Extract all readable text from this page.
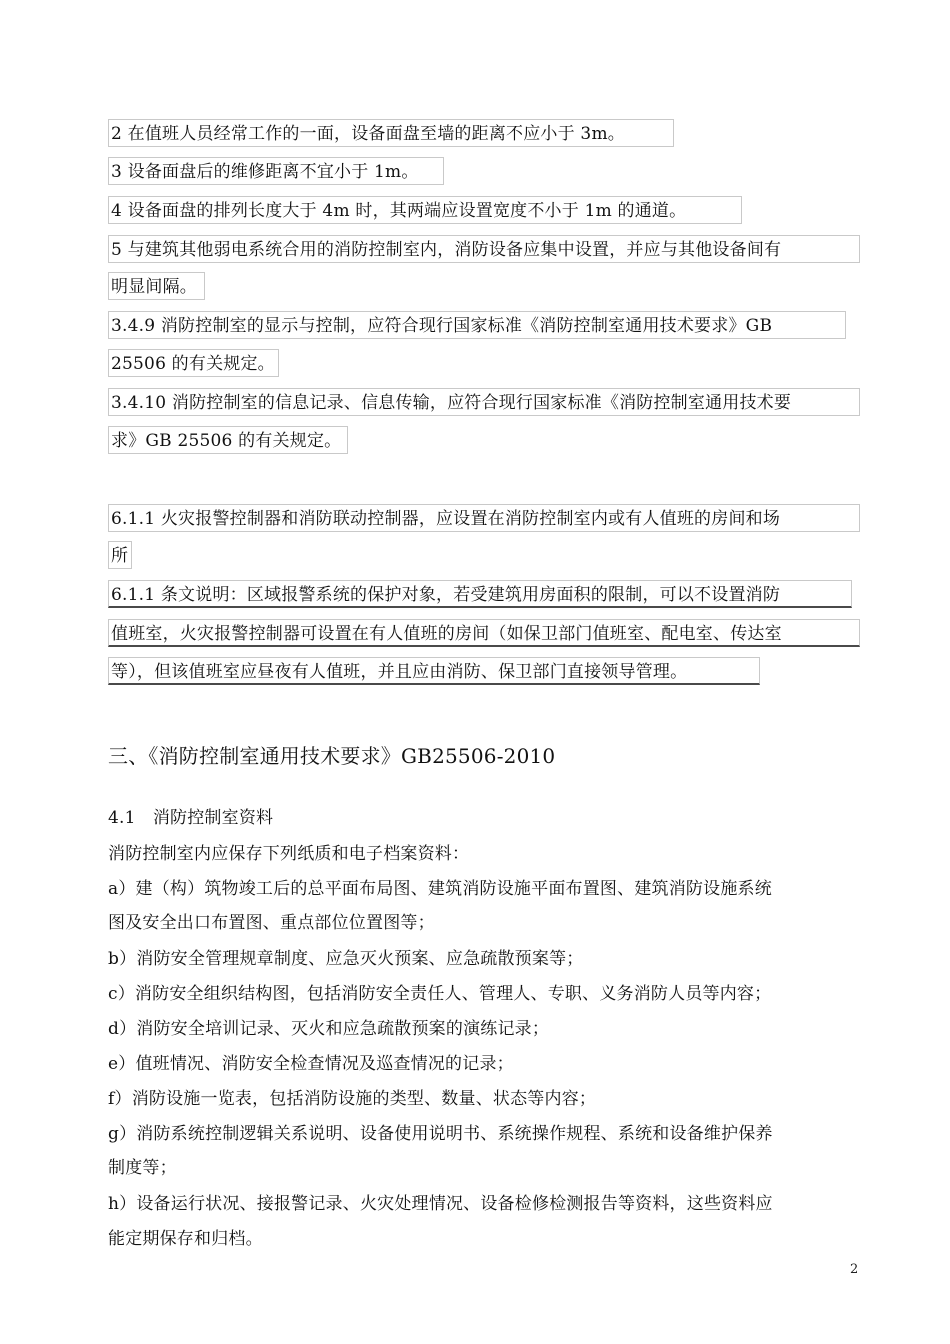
2 在值班人员经常工作的一面，设备面盘至墙的距离不应小于 3m。
3 设备面盘后的维修距离不宜小于 1m。
4 设备面盘的排列长度大于 4m 时，其两端应设置宽度不小于 1m 的通道。
5 与建筑其他弱电系统合用的消防控制室内，消防设备应集中设置，并应与其他设备间有
明显间隔。
3.4.9 消防控制室的显示与控制，应符合现行国家标准《消防控制室通用技术要求》GB
25506 的有关规定。
3.4.10 消防控制室的信息记录、信息传输，应符合现行国家标准《消防控制室通用技术要
求》GB 25506 的有关规定。
6.1.1 火灾报警控制器和消防联动控制器，应设置在消防控制室内或有人值班的房间和场
所
6.1.1 条文说明：区域报警系统的保护对象，若受建筑用房面积的限制，可以不设置消防
值班室，火灾报警控制器可设置在有人值班的房间（如保卫部门值班室、配电室、传达室
等），但该值班室应昼夜有人值班，并且应由消防、保卫部门直接领导管理。
三、《消防控制室通用技术要求》GB25506-2010
4.1　消防控制室资料
消防控制室内应保存下列纸质和电子档案资料：
a）建（构）筑物竣工后的总平面布局图、建筑消防设施平面布置图、建筑消防设施系统
图及安全出口布置图、重点部位位置图等；
b）消防安全管理规章制度、应急灭火预案、应急疏散预案等；
c）消防安全组织结构图，包括消防安全责任人、管理人、专职、义务消防人员等内容；
d）消防安全培训记录、灭火和应急疏散预案的演练记录；
e）值班情况、消防安全检查情况及巡查情况的记录；
f）消防设施一览表，包括消防设施的类型、数量、状态等内容；
g）消防系统控制逻辑关系说明、设备使用说明书、系统操作规程、系统和设备维护保养
制度等；
h）设备运行状况、接报警记录、火灾处理情况、设备检修检测报告等资料，这些资料应
能定期保存和归档。
2
